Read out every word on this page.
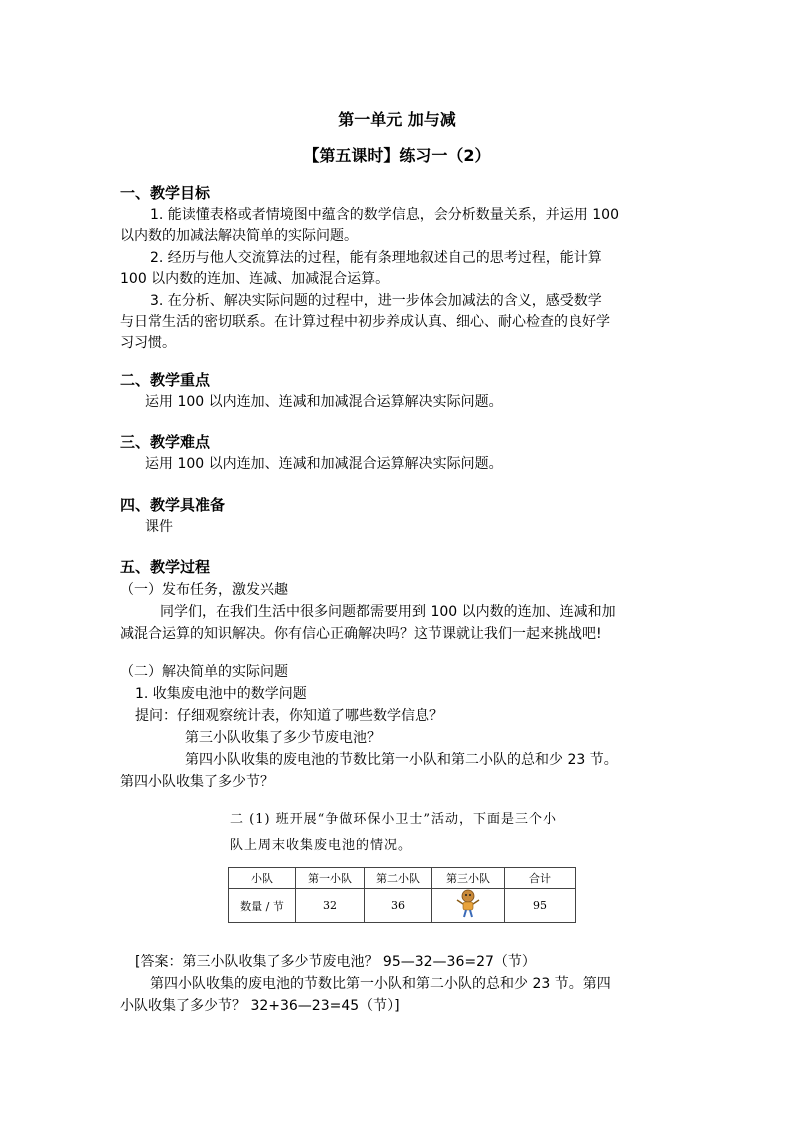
第一单元 加与减
【第五课时】练习一（2）
一、教学目标
1. 能读懂表格或者情境图中蕴含的数学信息，会分析数量关系，并运用 100
以内数的加减法解决简单的实际问题。
2. 经历与他人交流算法的过程，能有条理地叙述自己的思考过程，能计算
100 以内数的连加、连减、加减混合运算。
3. 在分析、解决实际问题的过程中，进一步体会加减法的含义，感受数学
与日常生活的密切联系。在计算过程中初步养成认真、细心、耐心检查的良好学
习习惯。
二、教学重点
运用 100 以内连加、连减和加减混合运算解决实际问题。
三、教学难点
运用 100 以内连加、连减和加减混合运算解决实际问题。
四、教学具准备
课件
五、教学过程
（一）发布任务，激发兴趣
同学们，在我们生活中很多问题都需要用到 100 以内数的连加、连减和加
减混合运算的知识解决。你有信心正确解决吗？这节课就让我们一起来挑战吧!
（二）解决简单的实际问题
1. 收集废电池中的数学问题
提问：仔细观察统计表，你知道了哪些数学信息？
第三小队收集了多少节废电池？
第四小队收集的废电池的节数比第一小队和第二小队的总和少 23 节。
第四小队收集了多少节？
二 (1) 班开展“争做环保小卫士”活动，下面是三个小
队上周末收集废电池的情况。
小队	第一小队	第二小队	第三小队	合计
数量 / 节	32	36		95
[答案：第三小队收集了多少节废电池？ 95—32—36=27（节）
第四小队收集的废电池的节数比第一小队和第二小队的总和少 23 节。第四
小队收集了多少节？ 32+36—23=45（节）]
